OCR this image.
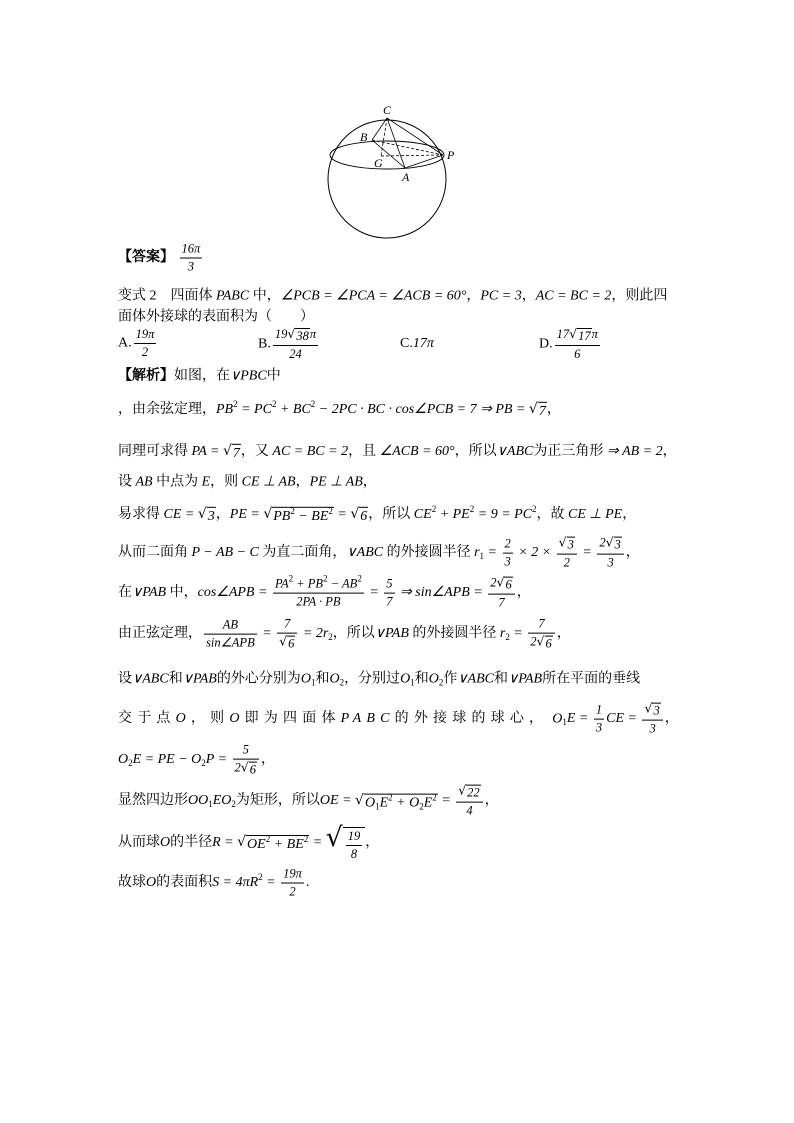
C
B
G
P
A
【答案】 $\frac{16\pi}{3}$
变式 2　四面体 PABC 中，∠PCB = ∠PCA = ∠ACB = 60°，PC = 3，AC = BC = 2，则此四
面体外接球的表面积为（　　）
A. $\frac{19\pi}{2}$	B. 19
√ 38 π
24	C.17π	D. 17
√ 17 π
6
【解析】如图，在∨PBC中
，由余弦定理，$PB^2 = PC^2 + BC^2 - 2PC$ · BC · cos∠PCB = 7 ⇒ PB =
√ 7 ，
同理可求得 PA =
√ 7 ，又 AC = BC = 2，且 ∠ACB = 60°，所以∨ABC为正三角形 ⇒ AB = 2，
设 AB 中点为 E，则 CE ⊥ AB，PE ⊥ AB，
易求得 CE =
√ 3 ，PE =
√ $PB^2 - BE^2$ =
√ 6 ，所以 $CE^2 + PE^2 = 9 = PC^2$，故 CE ⊥ PE，
从而二面角 P − AB − C 为直二面角，∨ABC 的外接圆半径 $r_1 = \frac{2}{3} \times 2$ ×
√ $\frac{3}{2} = 2$
√ 3
3 ，
在∨PAB 中，cos∠APB = $\frac{PA^2 + PB^2 - AB^2}{2PA \cdot PB} = \frac{5}{7}$ ⇒ sin∠APB = 2
√ 6
7 ，
由正弦定理， $\frac{AB}{\text{sin∠APB}} = 7$
√ $6 = 2r_2$，所以∨PAB 的外接圆半径 $r_2 = 7$
2
√ 6 ，
设∨ABC和∨PAB的外心分别为$O_1$和$O_2$，分别过$O_1$和$O_2$作∨ABC和∨PAB所在平面的垂线
交于点O，则O即为四面体PABC的外接球的球心， $O_1E = \frac{1}{3}$ CE =
√ $\frac{3}{3}$ ，
$O_2E$ = PE − $O_2P = 5$
2
√ 6 ，
显然四边形$OO_1EO_2$为矩形，所以OE =
√ $O_1E^2 + O_2E^2$ =
√ $\frac{22}{4}$ ，
从而球O的半径R =
√ $OE^2 + BE^2$ =
√ $\frac{19}{8}$ ，
故球O的表面积$S = 4\pi R^2 = \frac{19\pi}{2}$ .
